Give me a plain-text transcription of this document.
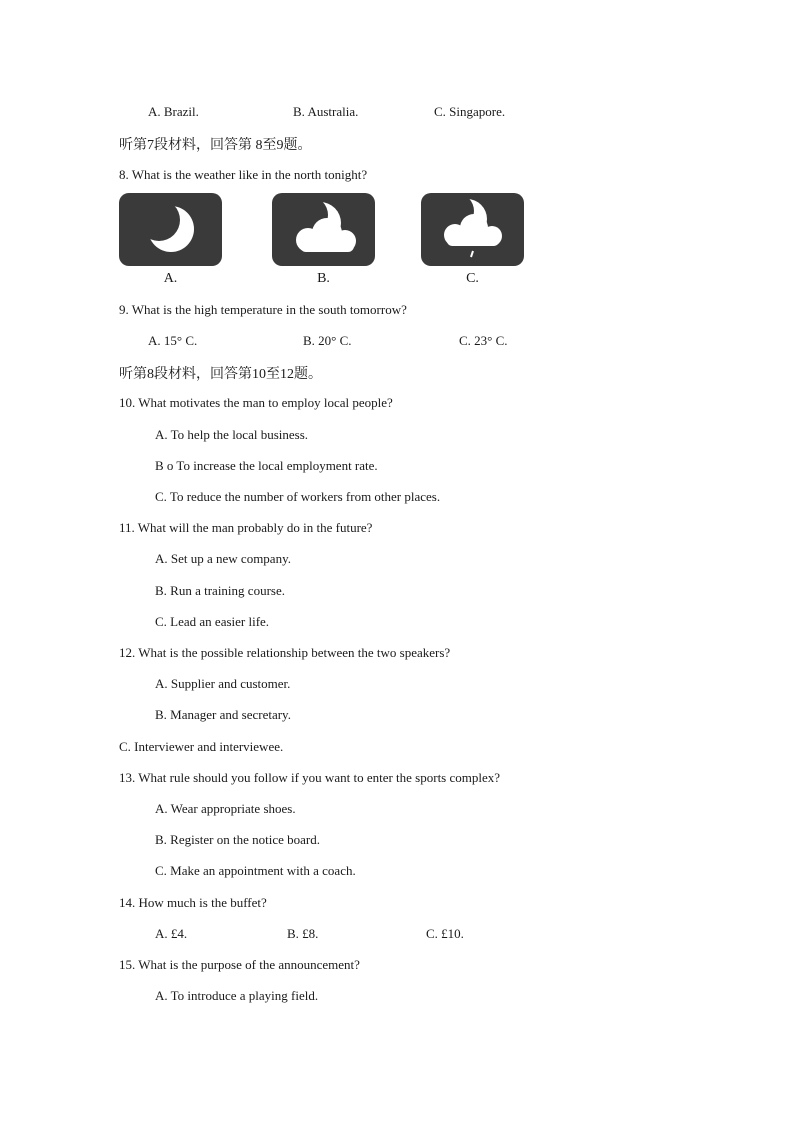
A. Brazil.	B. Australia.	C. Singapore.
听第7段材料，回答第 8至9题。
8. What is the weather like in the north tonight?
A.	B.	C.
9. What is the high temperature in the south tomorrow?
A. 15° C.	B. 20° C.	C. 23° C.
听第8段材料，回答第10至12题。
10. What motivates the man to employ local people?
A. To help the local business.
B o To increase the local employment rate.
C. To reduce the number of workers from other places.
11. What will the man probably do in the future?
A. Set up a new company.
B. Run a training course.
C. Lead an easier life.
12. What is the possible relationship between the two speakers?
A. Supplier and customer.
B. Manager and secretary.
C. Interviewer and interviewee.
13. What rule should you follow if you want to enter the sports complex?
A. Wear appropriate shoes.
B. Register on the notice board.
C. Make an appointment with a coach.
14. How much is the buffet?
A. £4.	B. £8.	C. £10.
15. What is the purpose of the announcement?
A. To introduce a playing field.
